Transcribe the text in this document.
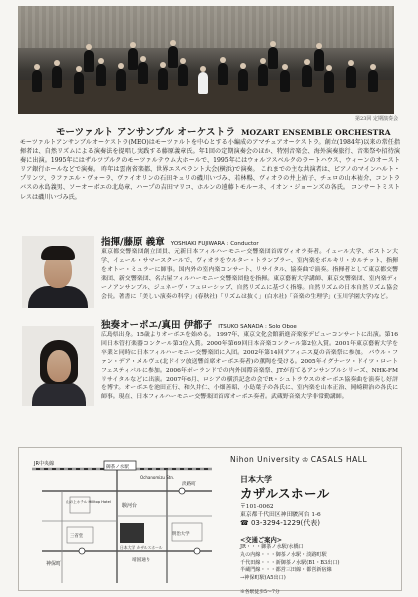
第23回 定期演奏会
モーツァルト アンサンブル オーケストラ MOZART ENSEMBLE ORCHESTRA
モーツァルトアンサンブルオーケストラ(MEO)はモーツァルトを中心とする小編成のアマチュアオーケストラ。創立(1984年)以来の常任指揮者は、自然リズムによる演奏法を提唱し実践する藤原義章氏。年1回の定期演奏会のほか、特別音楽会、海外演奏旅行、音楽祭や招待演奏に出演。1995年にはザルツブルクのモーツァルテウム大ホールで、1995年にはウォルフスベルクのラートハウス、ウィーンのオーストリア銀行ホールなどで演奏。 昨年は雲南省楽都、世界エスペラント大会(横浜)で演奏。 これまでの主な共演者は、ピアノのマインハルト・プリンツ、ラファエル・ヴォーラ、ヴァイオリンの石田キュリの磯川いづみ、若林暢、ヴィオラの井上祐子、チェロの山本祐介、コントラバスの永島義男、ソーオーボエの北島章、ハープの吉田マリコ、ホルンの遠藤トモルーネ、イオン・ジョーンズの各氏。 コンサートミストレスは磯川いづみ氏。
指揮/藤原 義章 YOSHIAKI FUJIWARA : Conductor
東京都交響楽団創立団員、元新日本フィルハーモニー交響楽団首席ヴィオラ奏者。イェール大学、ボストン大学、イェール・サマースクールで、ヴィオラをウルター・トランプラー、室内楽をボルキリ・カルテット、指揮をオトー・ミュラーに師事。国内外の室内楽コンサート、リサイタル、協奏曲で演奏。指揮者として東京都交響楽団、新交響楽団、名古屋フィルハーモニー交響楽団他を指揮。東京藝術大学講師、東京交響楽団、室内楽ディーノアンサンブル、ジュネーヴ・フェローシップ、自然リズムに基づく指導。自然リズムの日本自然リズム協会会長。著書に「美しい演奏の科学」(春秋社)「リズムは抜く」(白水社)「音楽の生理学」(玉川学園大学)など。
独奏オーボエ/真田 伊都子 ITSUKO SANADA : Solo Oboe
広島県出身。15歳よりオーボエを始める。 1997年、東京文化会館新進音楽家デビューコンサートに出演。第16回日本管打楽器コンクール第3位入賞。2000年第69回日本音楽コンクール第2位入賞。2001年東京藝術大学を卒業と同時に日本フィルハーモニー交響楽団に入団。2002年第14回アフィニス夏の音楽祭に参加。 パウル・ファン・デア・メルヴェ(北ドイツ放送響首席オーボエ奏者)の薫陶を受ける。2005年イグナーツ・ドイツ・ロートフェスティバルに参加。2006年ポーランドでの内外国際音楽祭、JTが育てるアンサンブルシリーズ、NHK-FM リサイタルなどに出演。2007年6月、ロシアの横浜記念の会でR・シュトラウスのオーボエ協奏曲を演奏し好評を博す。オーボエを池田正行、和久井仁、小畑善昭、小島葉子の各氏に、室内楽を山本正治、岡崎耕治の各氏に師事。現在、日本フィルハーモニー交響楽団首席オーボエ奏者。武蔵野音楽大学非常勤講師。
JR中央線
御茶ノ水駅
Ochanomizu Stn.
駿河台
日本大学 カザルスホール
神保町
明治大学
淡路町
靖国通り
山の上ホテル Hilltop Hotel
三省堂
Nihon University ♔ CASALS HALL
日本大学
カザルスホール
〒101-0062
東京都千代田区神田駿河台 1-6
☎ 03-3294-1229(代表)
<交通ご案内>
JR・・・御茶ノ水駅/水橋口
丸の内線・・・御茶ノ水駅・淡路町駅
千代田線・・・新御茶ノ水駅(B1・B3出口)
半蔵門線・・・都営三田線・都営新宿線
→神保町駅(A5出口)
※各駅徒歩5～7分
